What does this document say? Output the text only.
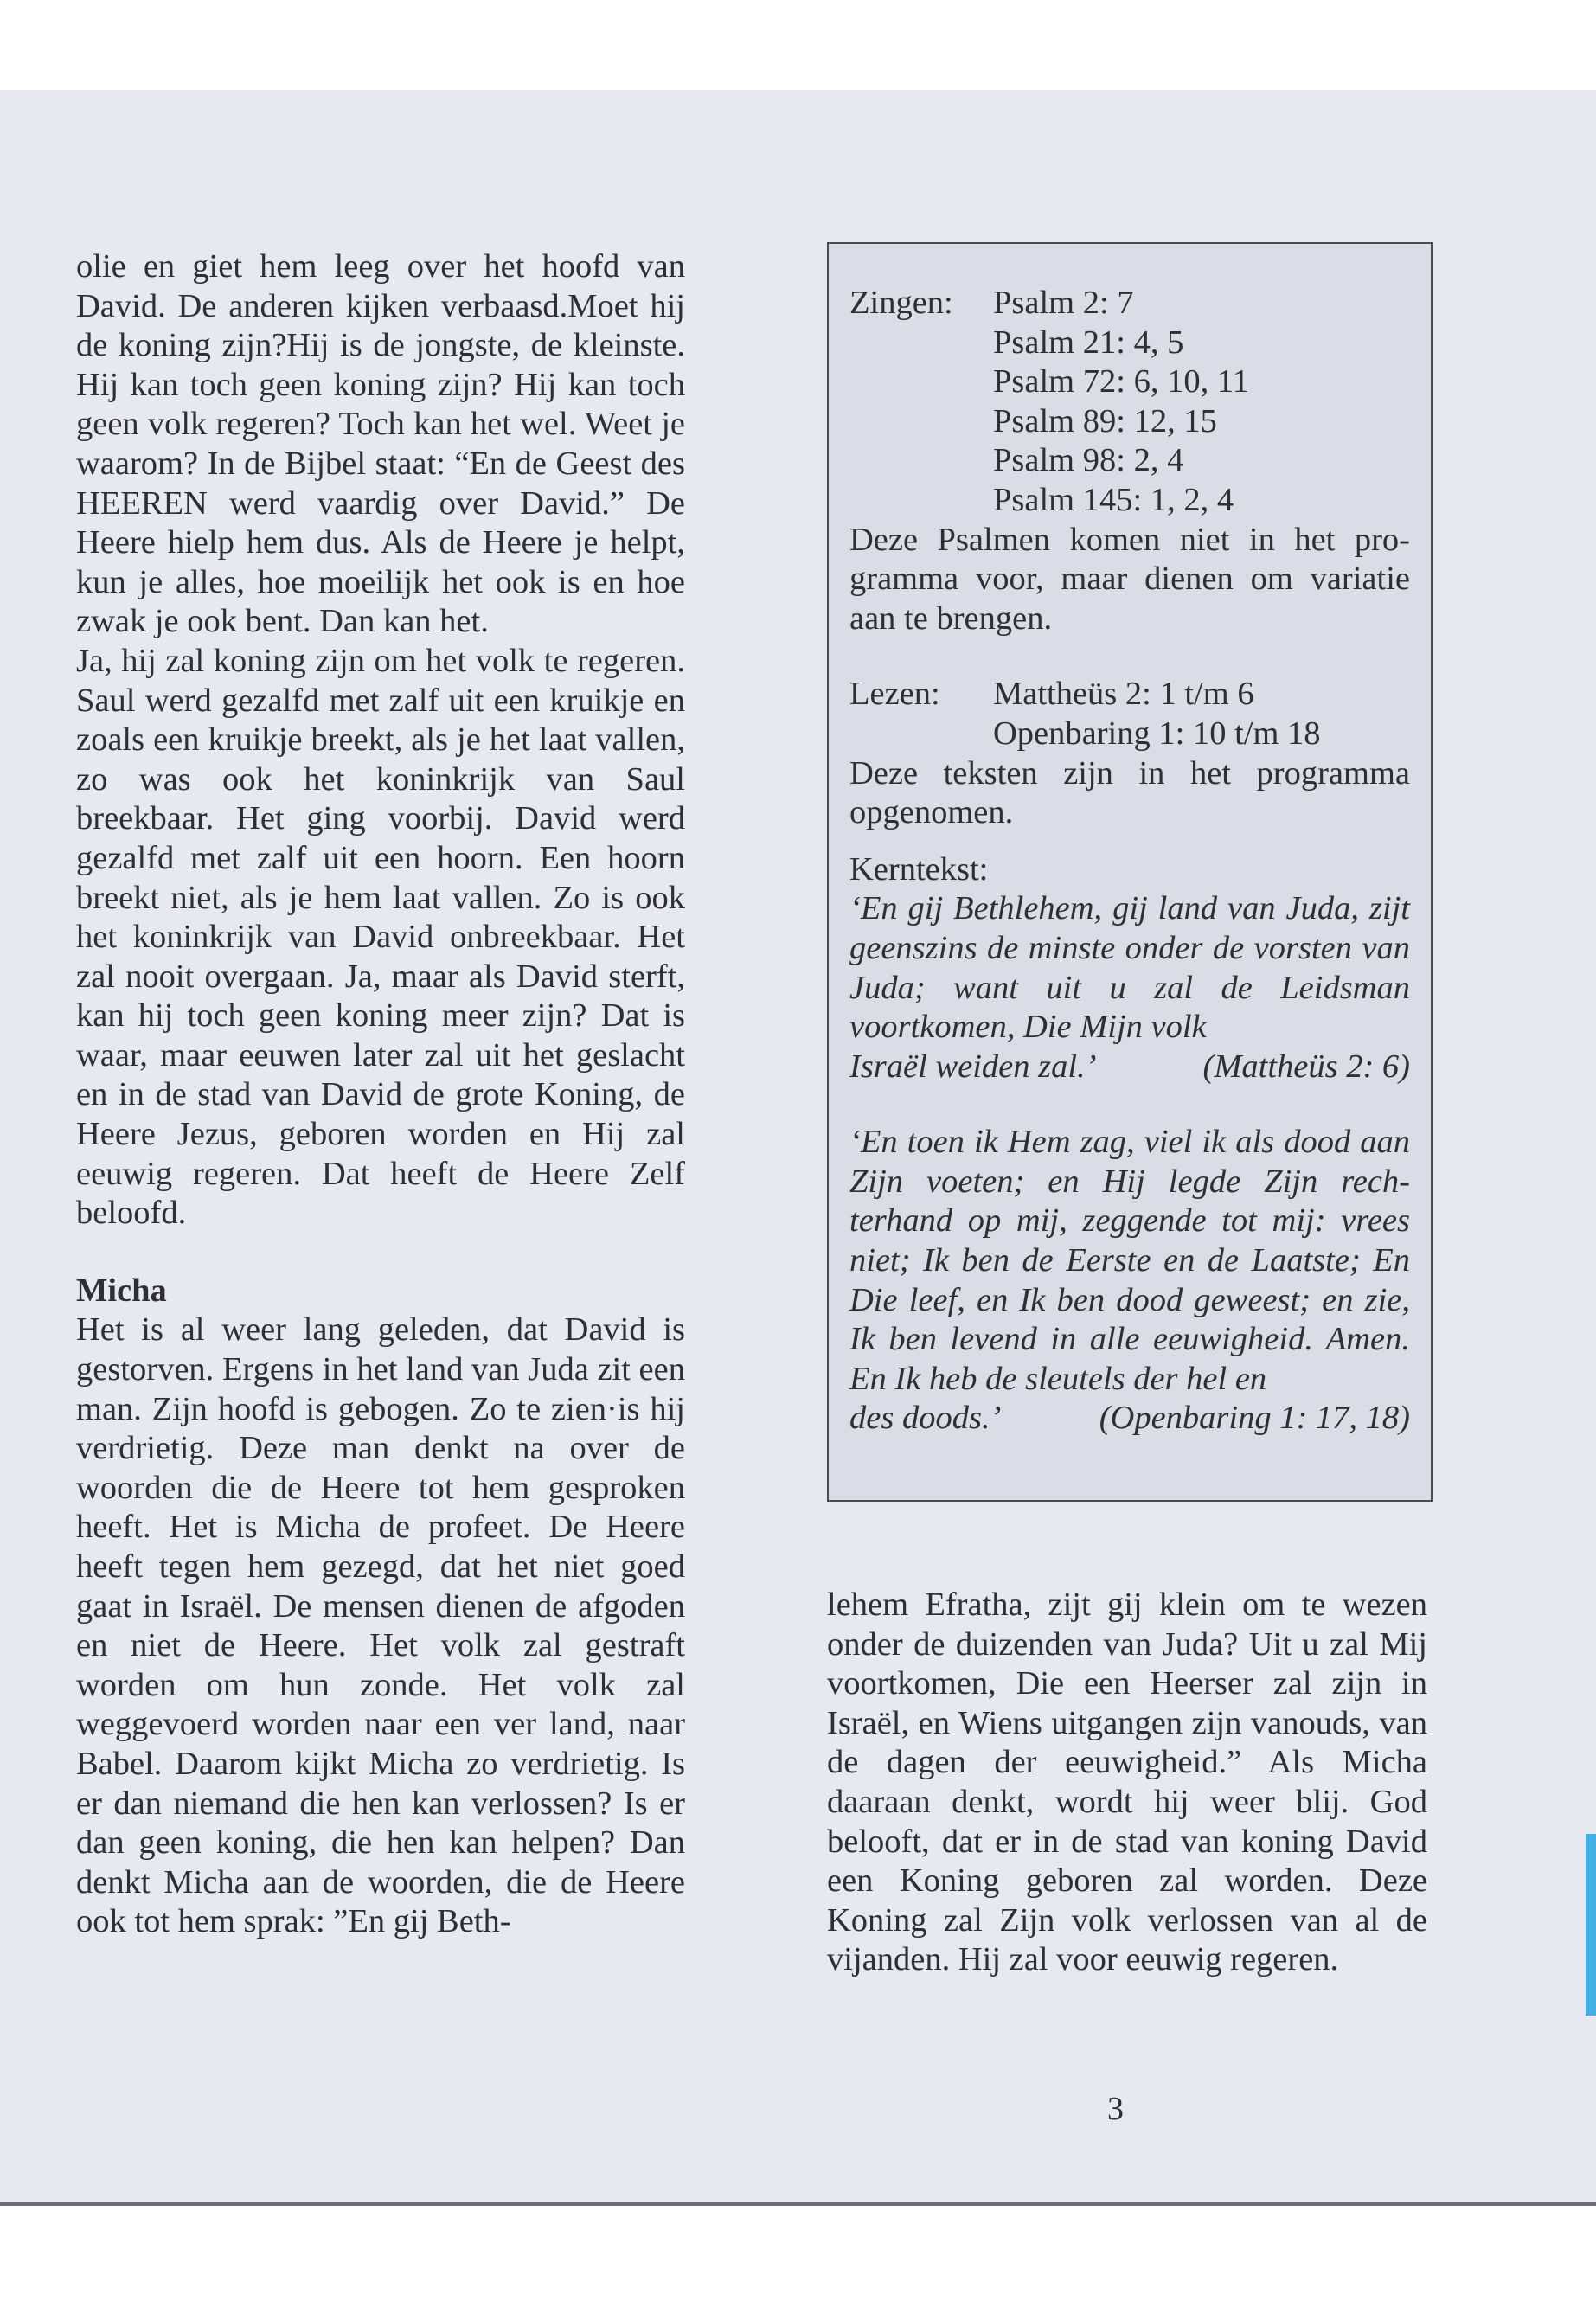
olie en giet hem leeg over het hoofd van David. De anderen kijken verbaasd.Moet hij de koning zijn?Hij is de jongste, de kleinste. Hij kan toch geen koning zijn? Hij kan toch geen volk regeren? Toch kan het wel. Weet je waarom? In de Bijbel staat: “En de Geest des HEEREN werd vaardig over David.” De Heere hielp hem dus. Als de Heere je helpt, kun je alles, hoe moeilijk het ook is en hoe zwak je ook bent. Dan kan het.

Ja, hij zal koning zijn om het volk te regeren. Saul werd gezalfd met zalf uit een kruikje en zoals een kruikje breekt, als je het laat vallen, zo was ook het koninkrijk van Saul breekbaar. Het ging voorbij. David werd gezalfd met zalf uit een hoorn. Een hoorn breekt niet, als je hem laat vallen. Zo is ook het koninkrijk van David onbreekbaar. Het zal nooit overgaan. Ja, maar als David sterft, kan hij toch geen koning meer zijn? Dat is waar, maar eeuwen later zal uit het geslacht en in de stad van David de grote Koning, de Heere Jezus, geboren worden en Hij zal eeuwig regeren. Dat heeft de Heere Zelf beloofd.

Micha

Het is al weer lang geleden, dat David is gestorven. Ergens in het land van Juda zit een man. Zijn hoofd is gebogen. Zo te zien·is hij verdrietig. Deze man denkt na over de woorden die de Heere tot hem gesproken heeft. Het is Micha de profeet. De Heere heeft tegen hem gezegd, dat het niet goed gaat in Israël. De mensen dienen de afgoden en niet de Heere. Het volk zal gestraft worden om hun zonde. Het volk zal weggevoerd worden naar een ver land, naar Babel. Daarom kijkt Micha zo verdrietig. Is er dan niemand die hen kan verlossen? Is er dan geen koning, die hen kan helpen? Dan denkt Micha aan de woorden, die de Heere ook tot hem sprak: ”En gij Beth-

Zingen:	Psalm 2: 7
Psalm 21: 4, 5
Psalm 72: 6, 10, 11
Psalm 89: 12, 15
Psalm 98: 2, 4
Psalm 145: 1, 2, 4

Deze Psalmen komen niet in het programma voor, maar dienen om variatie aan te brengen.

Lezen:	Mattheüs 2: 1 t/m 6
Openbaring 1: 10 t/m 18

Deze teksten zijn in het programma opgenomen.

Kerntekst:

‘En gij Bethlehem, gij land van Juda, zijt geenszins de minste onder de vorsten van Juda; want uit u zal de Leidsman voortkomen, Die Mijn volk

Israël weiden zal.’	(Mattheüs 2: 6)

‘En toen ik Hem zag, viel ik als dood aan Zijn voeten; en Hij legde Zijn rechterhand op mij, zeggende tot mij: vrees niet; Ik ben de Eerste en de Laatste; En Die leef, en Ik ben dood geweest; en zie, Ik ben levend in alle eeuwigheid. Amen. En Ik heb de sleutels der hel en

des doods.’	(Openbaring 1: 17, 18)

lehem Efratha, zijt gij klein om te wezen onder de duizenden van Juda? Uit u zal Mij voortkomen, Die een Heerser zal zijn in Israël, en Wiens uitgangen zijn vanouds, van de dagen der eeuwigheid.” Als Micha daaraan denkt, wordt hij weer blij. God belooft, dat er in de stad van koning David een Koning geboren zal worden. Deze Koning zal Zijn volk verlossen van al de vijanden. Hij zal voor eeuwig regeren.

3
